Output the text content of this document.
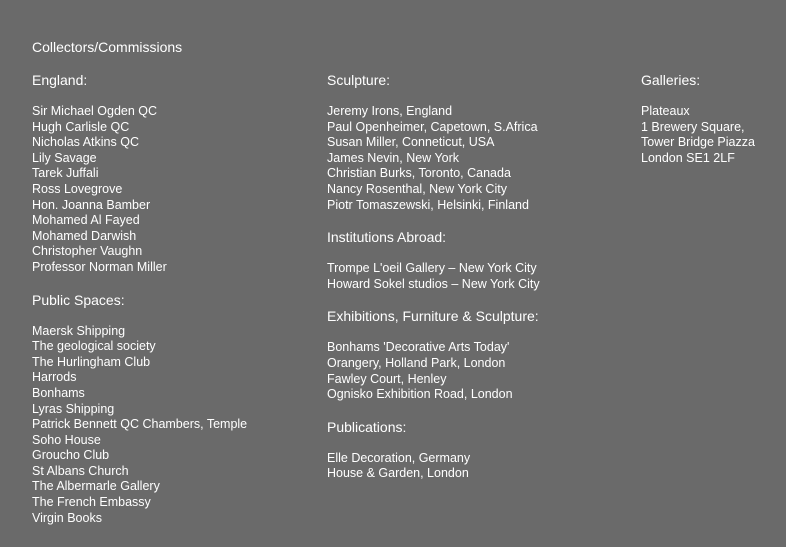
Collectors/Commissions
England:
Sir Michael Ogden QC
Hugh Carlisle QC
Nicholas Atkins QC
Lily Savage
Tarek Juffali
Ross Lovegrove
Hon. Joanna Bamber
Mohamed Al Fayed
Mohamed Darwish
Christopher Vaughn
Professor Norman Miller
Public Spaces:
Maersk Shipping
The geological society
The Hurlingham Club
Harrods
Bonhams
Lyras Shipping
Patrick Bennett QC Chambers, Temple
Soho House
Groucho Club
St Albans Church
The Albermarle Gallery
The French Embassy
Virgin Books
Sculpture:
Jeremy Irons, England
Paul Openheimer, Capetown, S.Africa
Susan Miller, Conneticut, USA
James Nevin, New York
Christian Burks, Toronto, Canada
Nancy Rosenthal, New York City
Piotr Tomaszewski, Helsinki, Finland
Institutions Abroad:
Trompe L'oeil Gallery – New York City
Howard Sokel studios – New York City
Exhibitions, Furniture & Sculpture:
Bonhams 'Decorative Arts Today'
Orangery, Holland Park, London
Fawley Court, Henley
Ognisko Exhibition Road, London
Publications:
Elle Decoration, Germany
House & Garden, London
Galleries:
Plateaux
1 Brewery Square,
Tower Bridge Piazza
London SE1 2LF
